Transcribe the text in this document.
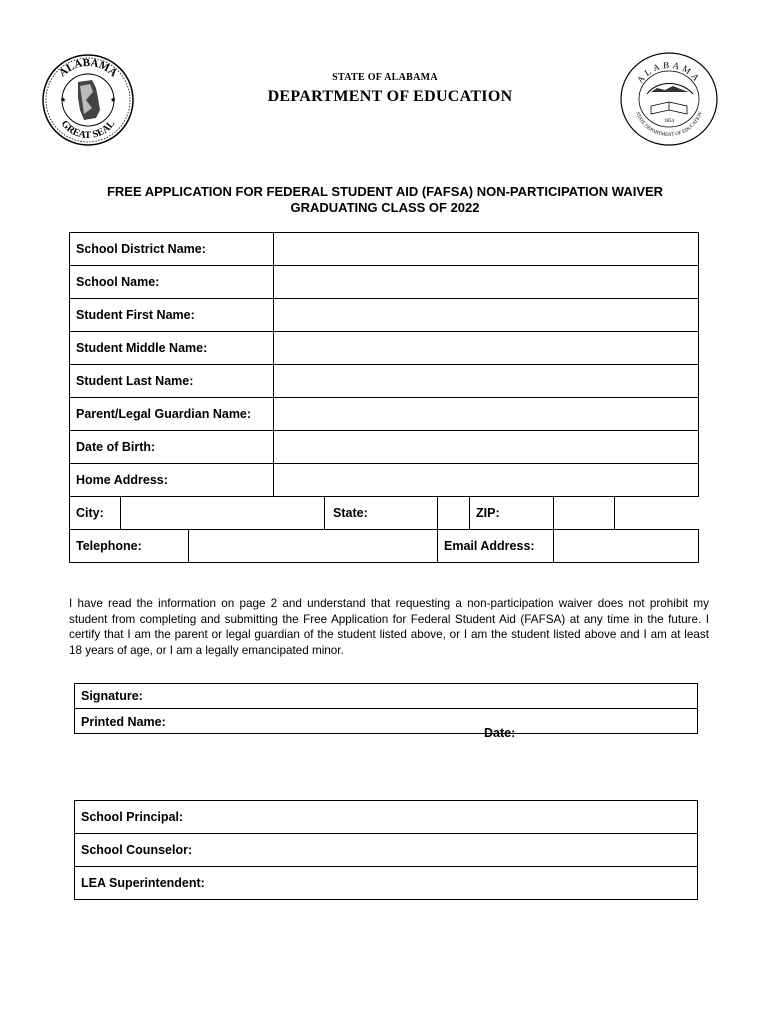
ALABAMA
GREAT SEAL
★	★
ALABAMA
STATE DEPARTMENT OF EDUCATION
1854
STATE OF ALABAMA
DEPARTMENT OF EDUCATION
FREE APPLICATION FOR FEDERAL STUDENT AID (FAFSA) NON-PARTICIPATION WAIVER
GRADUATING CLASS OF 2022
School District Name:							
School Name:							
Student First Name:							
Student Middle Name:							
Student Last Name:							
Parent/Legal Guardian Name:							
Date of Birth:							
Home Address:							
City:				State:		ZIP:	
Telephone:					Email Address:		
I have read the information on page 2 and understand that requesting a non-participation waiver does not prohibit my student from completing and submitting the Free Application for Federal Student Aid (FAFSA) at any time in the future. I certify that I am the parent or legal guardian of the student listed above, or I am the student listed above and I am at least 18 years of age, or I am a legally emancipated minor.
Signature:
Printed Name:
Date:
School Principal:
School Counselor:
LEA Superintendent:
